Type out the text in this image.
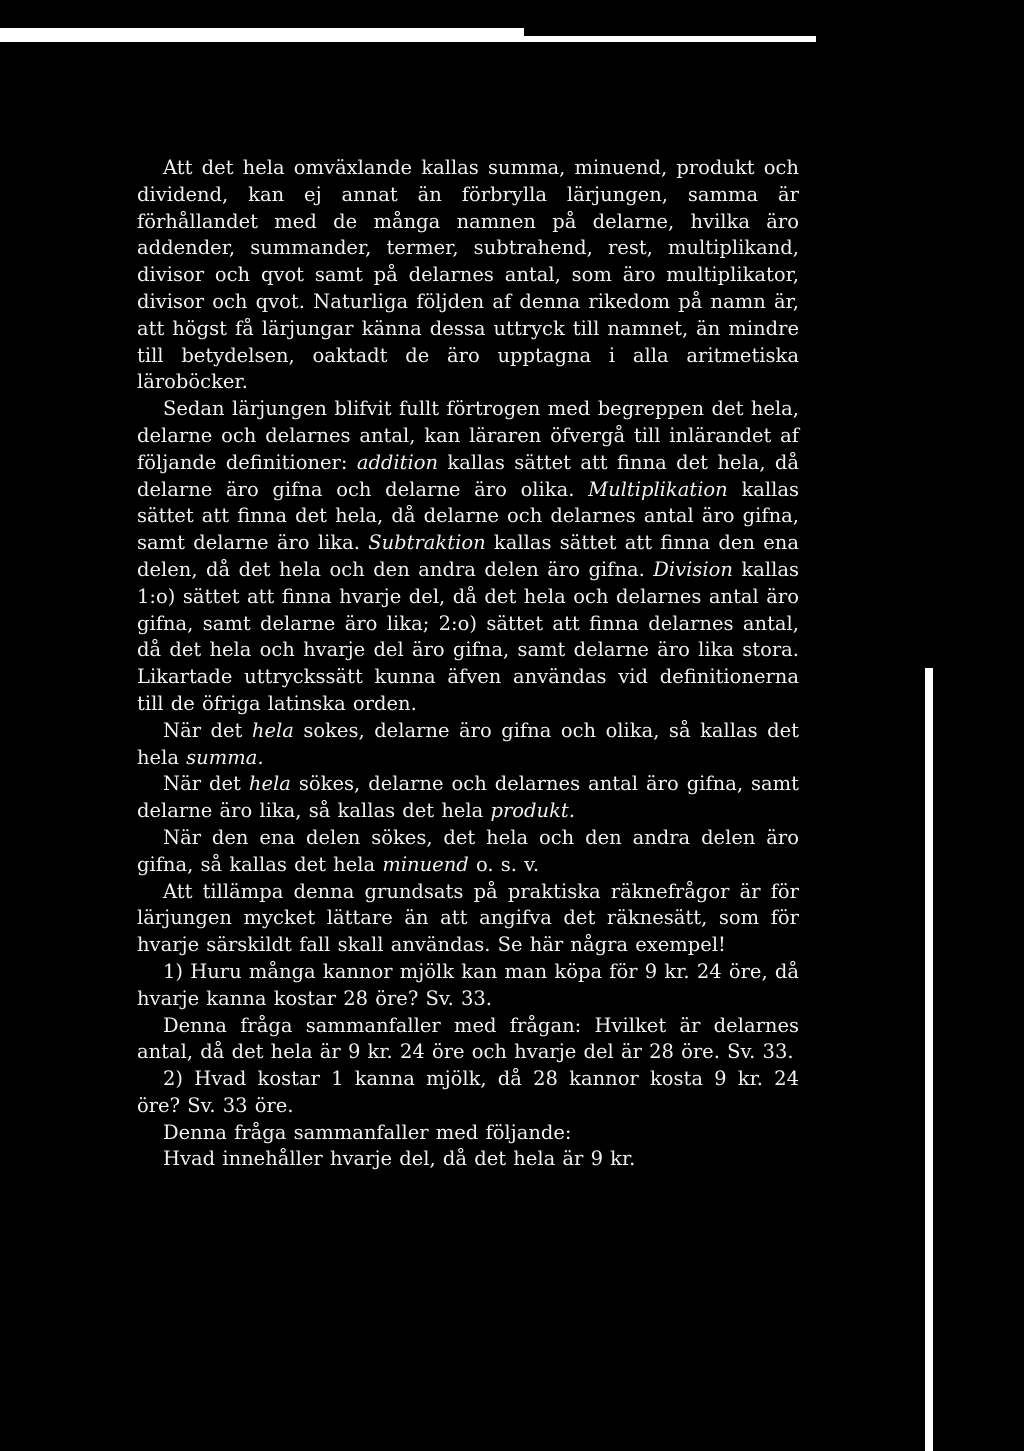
Att det hela omväxlande kallas summa, minuend, produkt och dividend, kan ej annat än förbrylla lärjungen, samma är förhållandet med de många namnen på delarne, hvilka äro addender, summander, termer, subtrahend, rest, multiplikand, divisor och qvot samt på delarnes antal, som äro multiplikator, divisor och qvot. Naturliga följden af denna rikedom på namn är, att högst få lärjungar känna dessa uttryck till namnet, än mindre till betydelsen, oaktadt de äro upptagna i alla aritmetiska läroböcker.

Sedan lärjungen blifvit fullt förtrogen med begreppen det hela, delarne och delarnes antal, kan läraren öfvergå till inlärandet af följande definitioner: addition kallas sättet att finna det hela, då delarne äro gifna och delarne äro olika. Multiplikation kallas sättet att finna det hela, då delarne och delarnes antal äro gifna, samt delarne äro lika. Subtraktion kallas sättet att finna den ena delen, då det hela och den andra delen äro gifna. Division kallas 1:o) sättet att finna hvarje del, då det hela och delarnes antal äro gifna, samt delarne äro lika; 2:o) sättet att finna delarnes antal, då det hela och hvarje del äro gifna, samt delarne äro lika stora. Likartade uttryckssätt kunna äfven användas vid definitionerna till de öfriga latinska orden.

När det hela sokes, delarne äro gifna och olika, så kallas det hela summa.

När det hela sökes, delarne och delarnes antal äro gifna, samt delarne äro lika, så kallas det hela produkt.

När den ena delen sökes, det hela och den andra delen äro gifna, så kallas det hela minuend o. s. v.

Att tillämpa denna grundsats på praktiska räknefrågor är för lärjungen mycket lättare än att angifva det räknesätt, som för hvarje särskildt fall skall användas. Se här några exempel!

1) Huru många kannor mjölk kan man köpa för 9 kr. 24 öre, då hvarje kanna kostar 28 öre? Sv. 33.

Denna fråga sammanfaller med frågan: Hvilket är delarnes antal, då det hela är 9 kr. 24 öre och hvarje del är 28 öre. Sv. 33.

2) Hvad kostar 1 kanna mjölk, då 28 kannor kosta 9 kr. 24 öre? Sv. 33 öre.

Denna fråga sammanfaller med följande:

Hvad innehåller hvarje del, då det hela är 9 kr.
